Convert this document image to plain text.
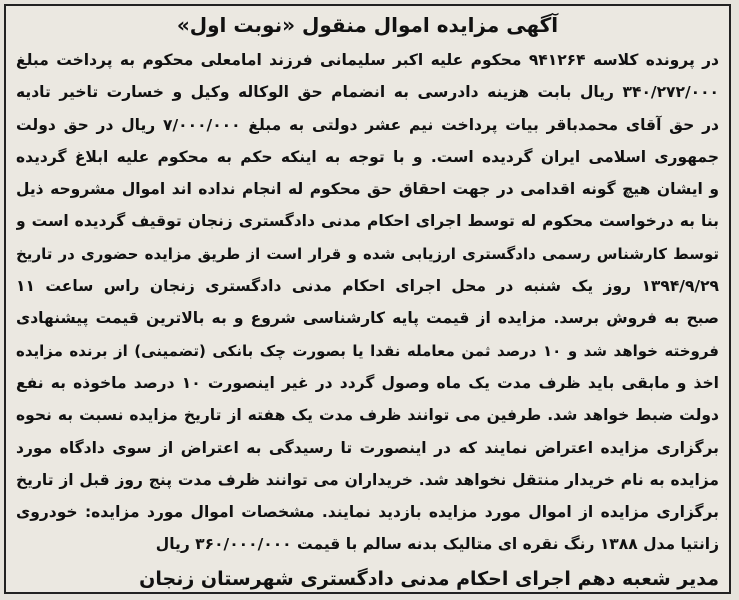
آگهی مزایده اموال منقول «نوبت اول»
در پرونده کلاسه ۹۴۱۲۶۴ محکوم علیه اکبر سلیمانی فرزند امامعلی محکوم به پرداخت مبلغ
۳۴۰/۲۷۲/۰۰۰ ریال بابت هزینه دادرسی به انضمام حق الوکاله وکیل و خسارت تاخیر تادیه
در حق آقای محمدباقر بیات پرداخت نیم عشر دولتی به مبلغ ۷/۰۰۰/۰۰۰ ریال در حق دولت
جمهوری اسلامی ایران گردیده است. و با توجه به اینکه حکم به محکوم علیه ابلاغ گردیده
و ایشان هیچ گونه اقدامی در جهت احقاق حق محکوم له انجام نداده اند اموال مشروحه ذیل
بنا به درخواست محکوم له توسط اجرای احکام مدنی دادگستری زنجان توقیف گردیده است و
توسط کارشناس رسمی دادگستری ارزیابی شده و قرار است از طریق مزایده حضوری در تاریخ
۱۳۹۴/۹/۲۹ روز یک شنبه در محل اجرای احکام مدنی دادگستری زنجان راس ساعت ۱۱
صبح به فروش برسد. مزایده از قیمت پایه کارشناسی شروع و به بالاترین قیمت پیشنهادی
فروخته خواهد شد و ۱۰ درصد ثمن معامله نقدا یا بصورت چک بانکی (تضمینی) از برنده مزایده
اخذ و مابقی باید ظرف مدت یک ماه وصول گردد در غیر اینصورت ۱۰ درصد ماخوذه به نفع
دولت ضبط خواهد شد. طرفین می توانند ظرف مدت یک هفته از تاریخ مزایده نسبت به نحوه
برگزاری مزایده اعتراض نمایند که در اینصورت تا رسیدگی به اعتراض از سوی دادگاه مورد
مزایده به نام خریدار منتقل نخواهد شد. خریداران می توانند ظرف مدت پنج روز قبل از تاریخ
برگزاری مزایده از اموال مورد مزایده بازدید نمایند. مشخصات اموال مورد مزایده: خودروی
زانتیا مدل ۱۳۸۸ رنگ نقره ای متالیک بدنه سالم با قیمت ۳۶۰/۰۰۰/۰۰۰ ریال
مدیر شعبه دهم اجرای احکام مدنی دادگستری شهرستان زنجان
